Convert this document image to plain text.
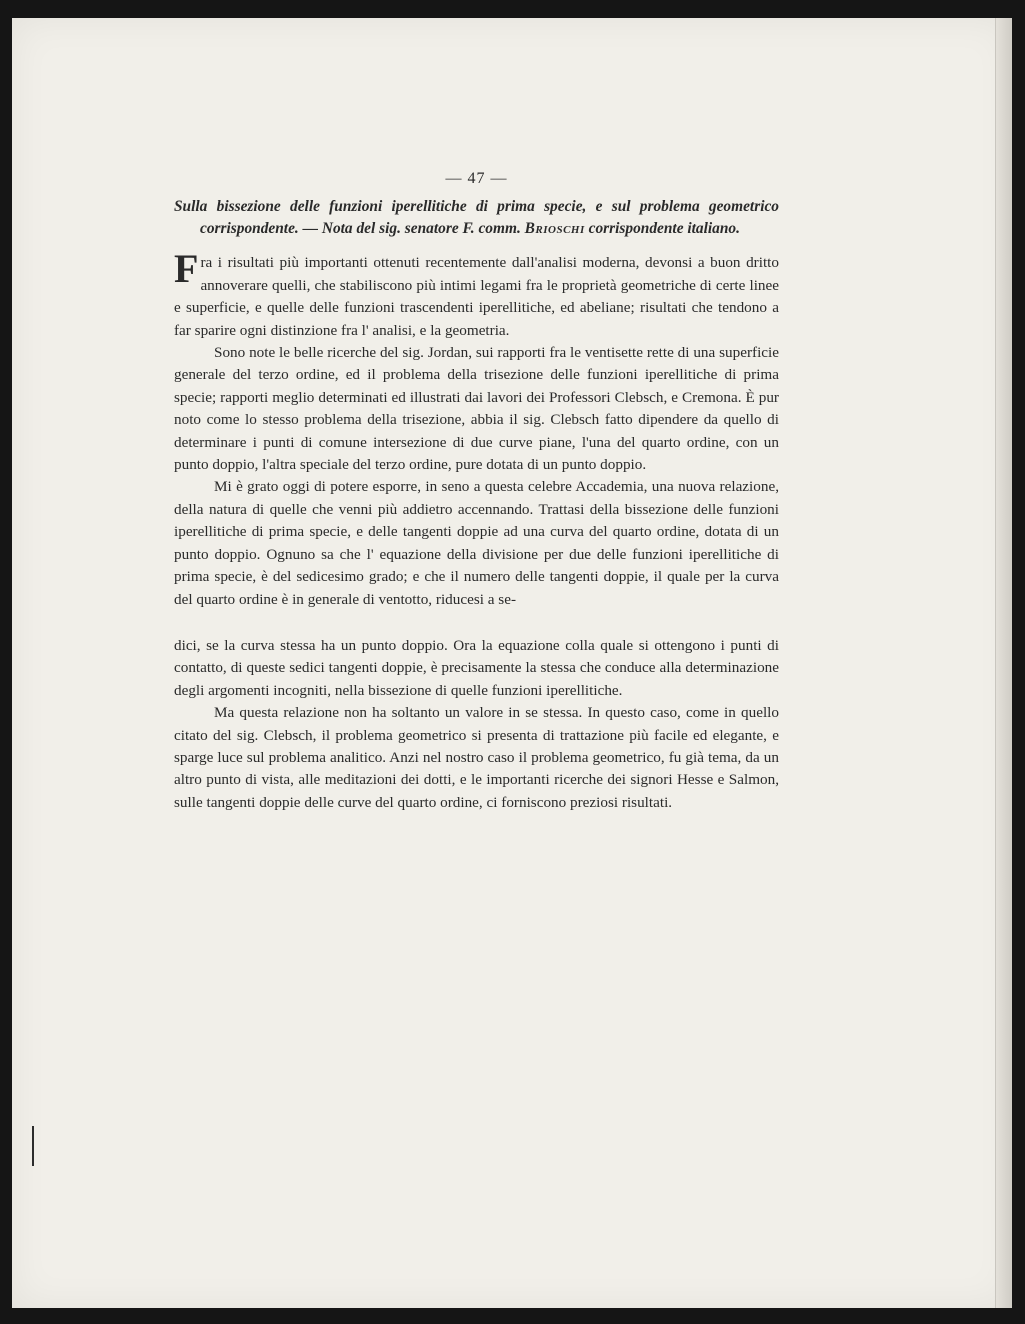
— 47 —
Sulla bissezione delle funzioni iperellitiche di prima specie, e sul problema geometrico corrispondente. — Nota del sig. senatore F. comm. Brioschi corrispondente italiano.

Fra i risultati più importanti ottenuti recentemente dall'analisi moderna, devonsi a buon dritto annoverare quelli, che stabiliscono più intimi legami fra le proprietà geometriche di certe linee e superficie, e quelle delle funzioni trascendenti iperellitiche, ed abeliane; risultati che tendono a far sparire ogni distinzione fra l' analisi, e la geometria.

Sono note le belle ricerche del sig. Jordan, sui rapporti fra le ventisette rette di una superficie generale del terzo ordine, ed il problema della trisezione delle funzioni iperellitiche di prima specie; rapporti meglio determinati ed illustrati dai lavori dei Professori Clebsch, e Cremona. È pur noto come lo stesso problema della trisezione, abbia il sig. Clebsch fatto dipendere da quello di determinare i punti di comune intersezione di due curve piane, l'una del quarto ordine, con un punto doppio, l'altra speciale del terzo ordine, pure dotata di un punto doppio.

Mi è grato oggi di potere esporre, in seno a questa celebre Accademia, una nuova relazione, della natura di quelle che venni più addietro accennando. Trattasi della bissezione delle funzioni iperellitiche di prima specie, e delle tangenti doppie ad una curva del quarto ordine, dotata di un punto doppio. Ognuno sa che l' equazione della divisione per due delle funzioni iperellitiche di prima specie, è del sedicesimo grado; e che il numero delle tangenti doppie, il quale per la curva del quarto ordine è in generale di ventotto, riducesi a se-

dici, se la curva stessa ha un punto doppio. Ora la equazione colla quale si ottengono i punti di contatto, di queste sedici tangenti doppie, è precisamente la stessa che conduce alla determinazione degli argomenti incogniti, nella bissezione di quelle funzioni iperellitiche.

Ma questa relazione non ha soltanto un valore in se stessa. In questo caso, come in quello citato del sig. Clebsch, il problema geometrico si presenta di trattazione più facile ed elegante, e sparge luce sul problema analitico. Anzi nel nostro caso il problema geometrico, fu già tema, da un altro punto di vista, alle meditazioni dei dotti, e le importanti ricerche dei signori Hesse e Salmon, sulle tangenti doppie delle curve del quarto ordine, ci forniscono preziosi risultati.
